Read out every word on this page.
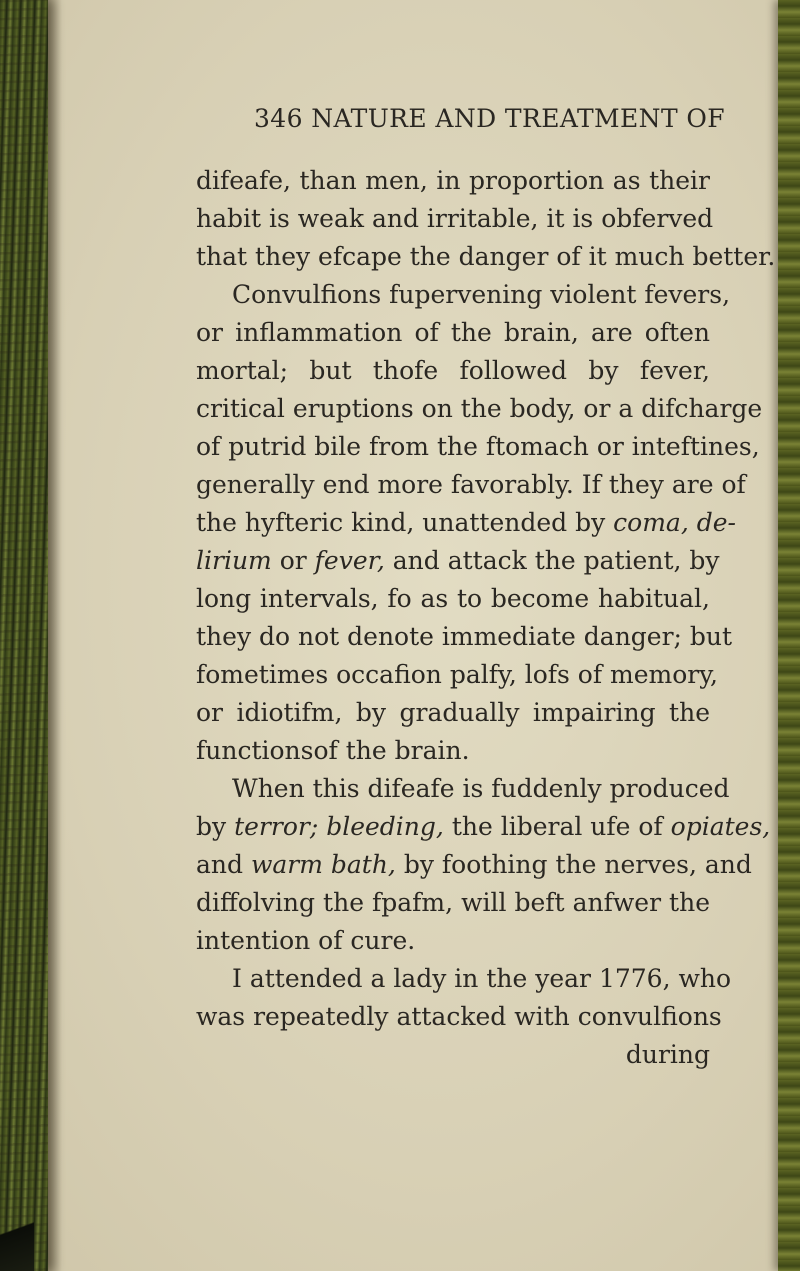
346 NATURE AND TREATMENT OF
difeafe, than men, in proportion as their
habit is weak and irritable, it is obferved
that they efcape the danger of it much better.
Convulfions fupervening violent fevers,
or inflammation of the brain, are often
mortal; but thofe followed by fever,
critical eruptions on the body, or a difcharge
of putrid bile from the ftomach or inteftines,
generally end more favorably. If they are of
the hyfteric kind, unattended by coma, de-
lirium or fever, and attack the patient, by
long intervals, fo as to become habitual,
they do not denote immediate danger; but
fometimes occafion palfy, lofs of memory,
or idiotifm, by gradually impairing the
functionsof the brain.
When this difeafe is fuddenly produced
by terror; bleeding, the liberal ufe of opiates,
and warm bath, by foothing the nerves, and
diffolving the fpafm, will beft anfwer the
intention of cure.
I attended a lady in the year 1776, who
was repeatedly attacked with convulfions
during
